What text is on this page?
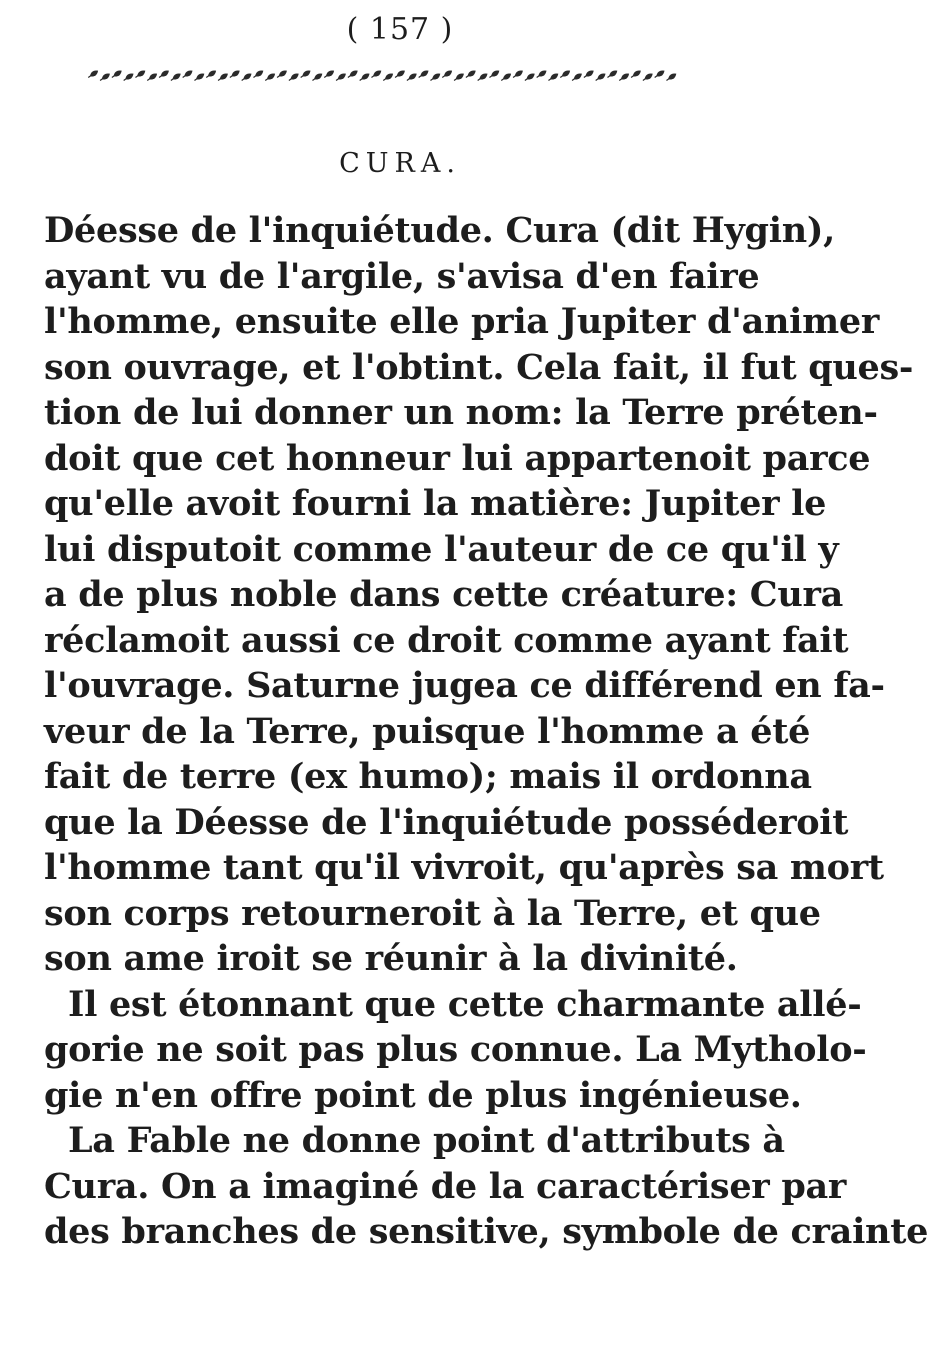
( 157 )
CURA.
Déesse de l'inquiétude. Cura (dit Hygin),
ayant vu de l'argile, s'avisa d'en faire
l'homme, ensuite elle pria Jupiter d'animer
son ouvrage, et l'obtint. Cela fait, il fut ques-
tion de lui donner un nom: la Terre préten-
doit que cet honneur lui appartenoit parce
qu'elle avoit fourni la matière: Jupiter le
lui disputoit comme l'auteur de ce qu'il y
a de plus noble dans cette créature: Cura
réclamoit aussi ce droit comme ayant fait
l'ouvrage. Saturne jugea ce différend en fa-
veur de la Terre, puisque l'homme a été
fait de terre (ex humo); mais il ordonna
que la Déesse de l'inquiétude posséderoit
l'homme tant qu'il vivroit, qu'après sa mort
son corps retourneroit à la Terre, et que
son ame iroit se réunir à la divinité.
Il est étonnant que cette charmante allé-
gorie ne soit pas plus connue. La Mytholo-
gie n'en offre point de plus ingénieuse.
La Fable ne donne point d'attributs à
Cura. On a imaginé de la caractériser par
des branches de sensitive, symbole de crainte
